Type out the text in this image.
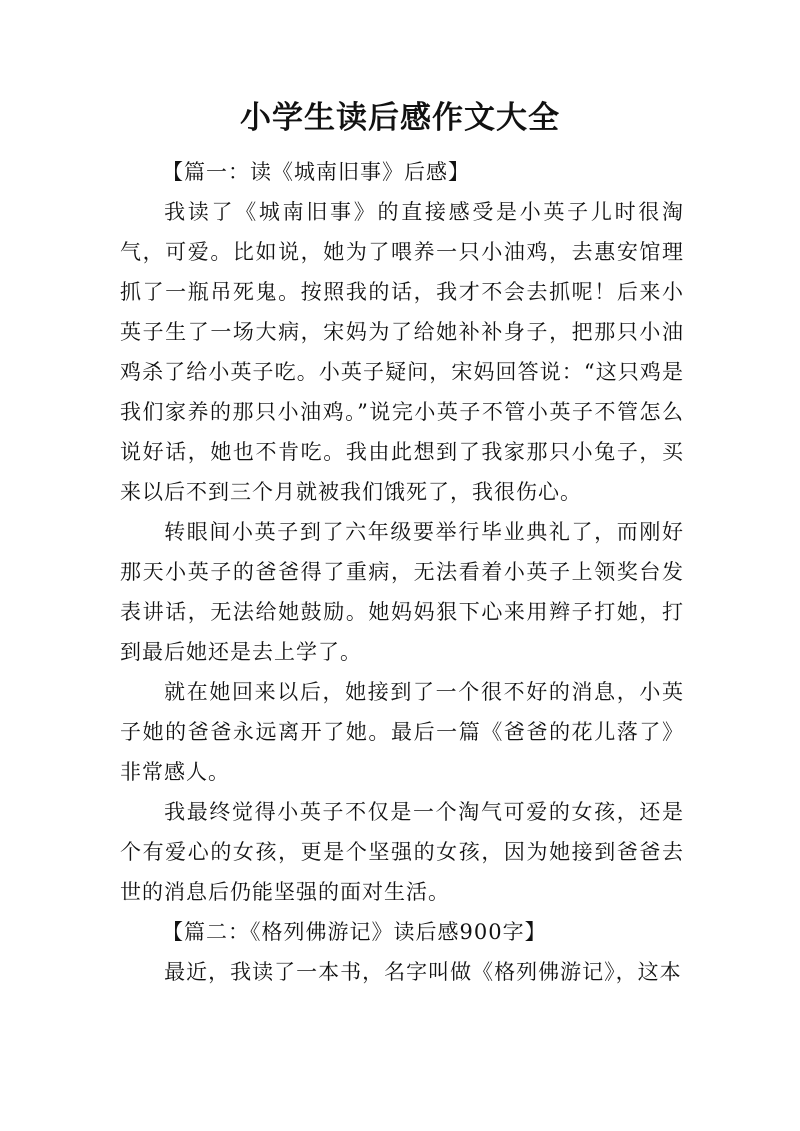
小学生读后感作文大全

【篇一：读《城南旧事》后感】

我读了《城南旧事》的直接感受是小英子儿时很淘气，可爱。比如说，她为了喂养一只小油鸡，去惠安馆理抓了一瓶吊死鬼。按照我的话，我才不会去抓呢！后来小英子生了一场大病，宋妈为了给她补补身子，把那只小油鸡杀了给小英子吃。小英子疑问，宋妈回答说：“这只鸡是我们家养的那只小油鸡。”说完小英子不管小英子不管怎么说好话，她也不肯吃。我由此想到了我家那只小兔子，买来以后不到三个月就被我们饿死了，我很伤心。

转眼间小英子到了六年级要举行毕业典礼了，而刚好那天小英子的爸爸得了重病，无法看着小英子上领奖台发表讲话，无法给她鼓励。她妈妈狠下心来用辫子打她，打到最后她还是去上学了。

就在她回来以后，她接到了一个很不好的消息，小英子她的爸爸永远离开了她。最后一篇《爸爸的花儿落了》非常感人。

我最终觉得小英子不仅是一个淘气可爱的女孩，还是个有爱心的女孩，更是个坚强的女孩，因为她接到爸爸去世的消息后仍能坚强的面对生活。

【篇二：《格列佛游记》读后感900字】

最近，我读了一本书，名字叫做《格列佛游记》，这本
